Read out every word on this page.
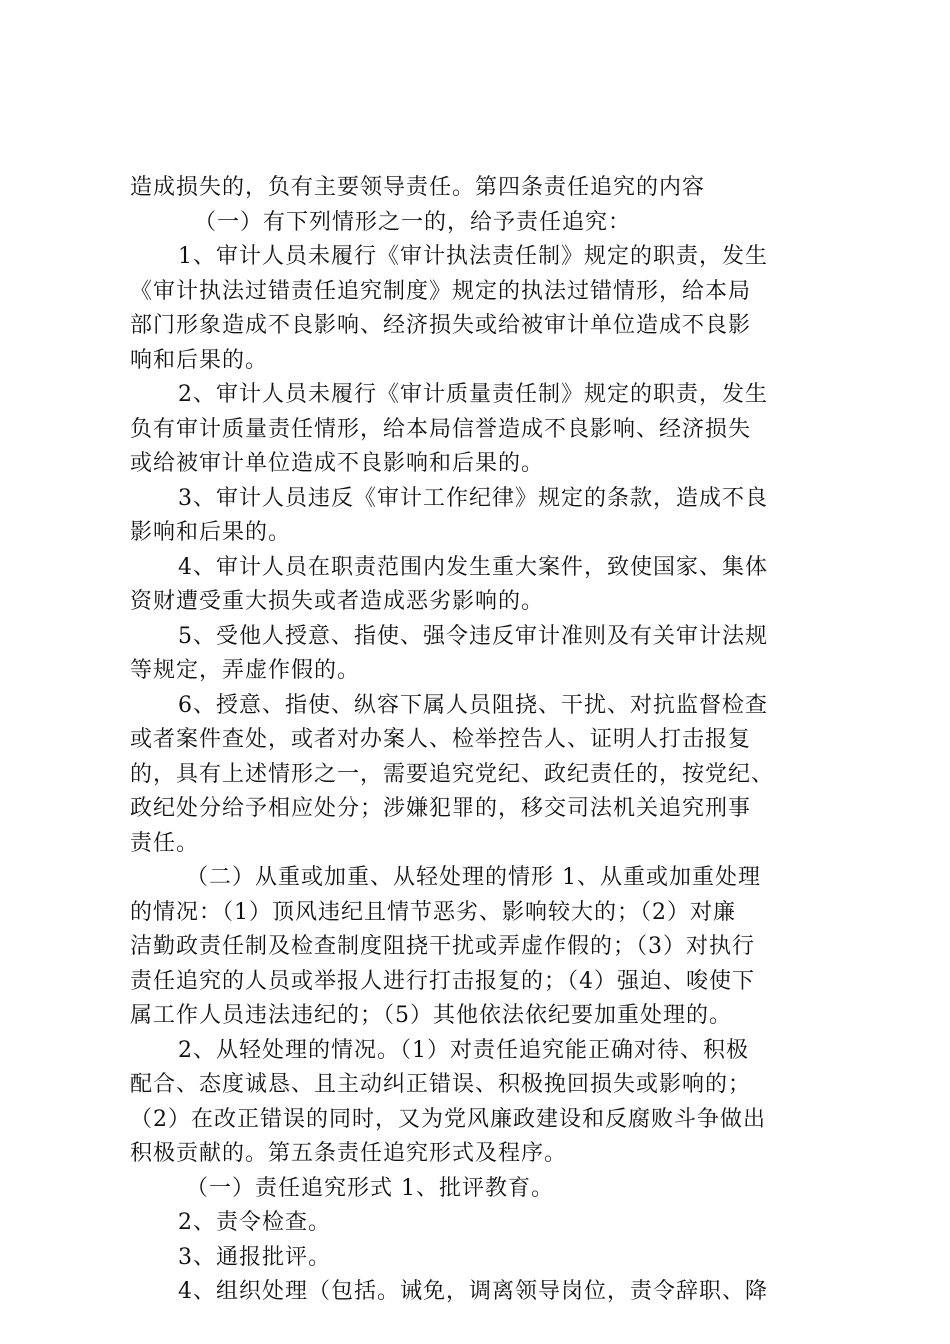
造成损失的，负有主要领导责任。第四条责任追究的内容
（一）有下列情形之一的，给予责任追究：
1、审计人员未履行《审计执法责任制》规定的职责，发生
《审计执法过错责任追究制度》规定的执法过错情形，给本局
部门形象造成不良影响、经济损失或给被审计单位造成不良影
响和后果的。
2、审计人员未履行《审计质量责任制》规定的职责，发生
负有审计质量责任情形，给本局信誉造成不良影响、经济损失
或给被审计单位造成不良影响和后果的。
3、审计人员违反《审计工作纪律》规定的条款，造成不良
影响和后果的。
4、审计人员在职责范围内发生重大案件，致使国家、集体
资财遭受重大损失或者造成恶劣影响的。
5、受他人授意、指使、强令违反审计准则及有关审计法规
等规定，弄虚作假的。
6、授意、指使、纵容下属人员阻挠、干扰、对抗监督检查
或者案件查处，或者对办案人、检举控告人、证明人打击报复
的，具有上述情形之一，需要追究党纪、政纪责任的，按党纪、
政纪处分给予相应处分；涉嫌犯罪的，移交司法机关追究刑事
责任。
（二）从重或加重、从轻处理的情形 1、从重或加重处理
的情况：（1）顶风违纪且情节恶劣、影响较大的；（2）对廉
洁勤政责任制及检查制度阻挠干扰或弄虚作假的；（3）对执行
责任追究的人员或举报人进行打击报复的；（4）强迫、唆使下
属工作人员违法违纪的；（5）其他依法依纪要加重处理的。
2、从轻处理的情况。（1）对责任追究能正确对待、积极
配合、态度诚恳、且主动纠正错误、积极挽回损失或影响的；
（2）在改正错误的同时，又为党风廉政建设和反腐败斗争做出
积极贡献的。第五条责任追究形式及程序。
（一）责任追究形式 1、批评教育。
2、责令检查。
3、通报批评。
4、组织处理（包括。诫免，调离领导岗位，责令辞职、降
